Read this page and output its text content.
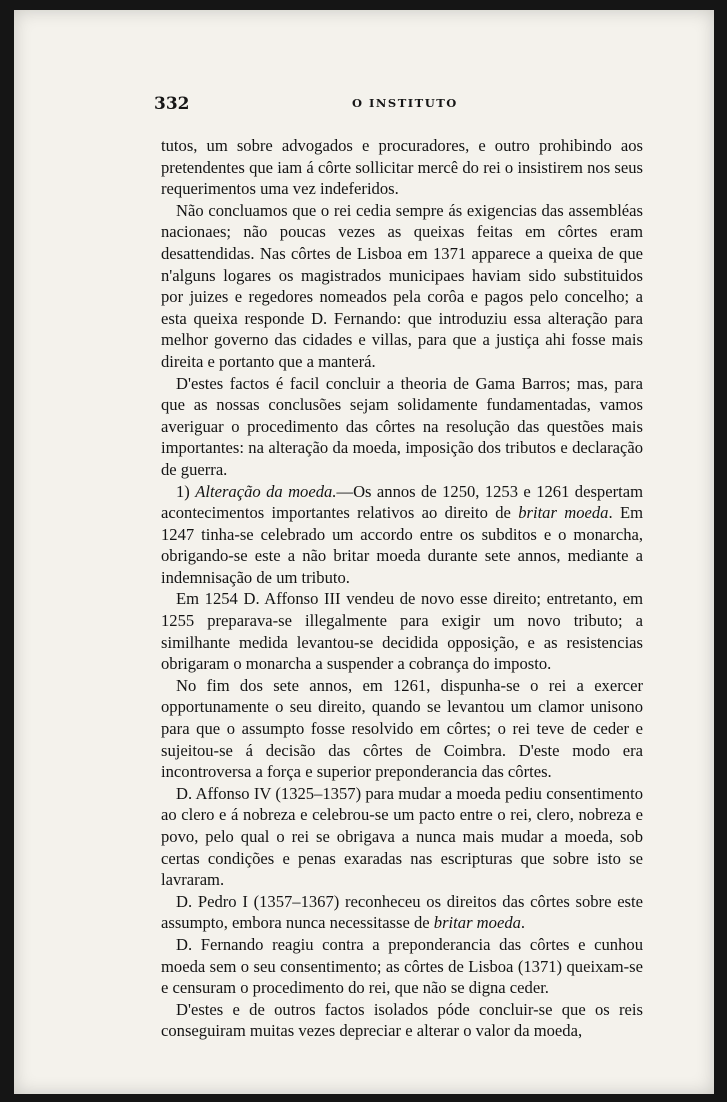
332	O INSTITUTO

tutos, um sobre advogados e procuradores, e outro prohibindo aos pretendentes que iam á côrte sollicitar mercê do rei o insistirem nos seus requerimentos uma vez indeferidos.

Não concluamos que o rei cedia sempre ás exigencias das assembléas nacionaes; não poucas vezes as queixas feitas em côrtes eram desattendidas. Nas côrtes de Lisboa em 1371 apparece a queixa de que n'alguns logares os magistrados municipaes haviam sido substituidos por juizes e regedores nomeados pela corôa e pagos pelo concelho; a esta queixa responde D. Fernando: que introduziu essa alteração para melhor governo das cidades e villas, para que a justiça ahi fosse mais direita e portanto que a manterá.

D'estes factos é facil concluir a theoria de Gama Barros; mas, para que as nossas conclusões sejam solidamente fundamentadas, vamos averiguar o procedimento das côrtes na resolução das questões mais importantes: na alteração da moeda, imposição dos tributos e declaração de guerra.

1) Alteração da moeda.—Os annos de 1250, 1253 e 1261 despertam acontecimentos importantes relativos ao direito de britar moeda. Em 1247 tinha-se celebrado um accordo entre os subditos e o monarcha, obrigando-se este a não britar moeda durante sete annos, mediante a indemnisação de um tributo.

Em 1254 D. Affonso III vendeu de novo esse direito; entretanto, em 1255 preparava-se illegalmente para exigir um novo tributo; a similhante medida levantou-se decidida opposição, e as resistencias obrigaram o monarcha a suspender a cobrança do imposto.

No fim dos sete annos, em 1261, dispunha-se o rei a exercer opportunamente o seu direito, quando se levantou um clamor unisono para que o assumpto fosse resolvido em côrtes; o rei teve de ceder e sujeitou-se á decisão das côrtes de Coimbra. D'este modo era incontroversa a força e superior preponderancia das côrtes.

D. Affonso IV (1325–1357) para mudar a moeda pediu consentimento ao clero e á nobreza e celebrou-se um pacto entre o rei, clero, nobreza e povo, pelo qual o rei se obrigava a nunca mais mudar a moeda, sob certas condições e penas exaradas nas escripturas que sobre isto se lavraram.

D. Pedro I (1357–1367) reconheceu os direitos das côrtes sobre este assumpto, embora nunca necessitasse de britar moeda.

D. Fernando reagiu contra a preponderancia das côrtes e cunhou moeda sem o seu consentimento; as côrtes de Lisboa (1371) queixam-se e censuram o procedimento do rei, que não se digna ceder.

D'estes e de outros factos isolados póde concluir-se que os reis conseguiram muitas vezes depreciar e alterar o valor da moeda,
